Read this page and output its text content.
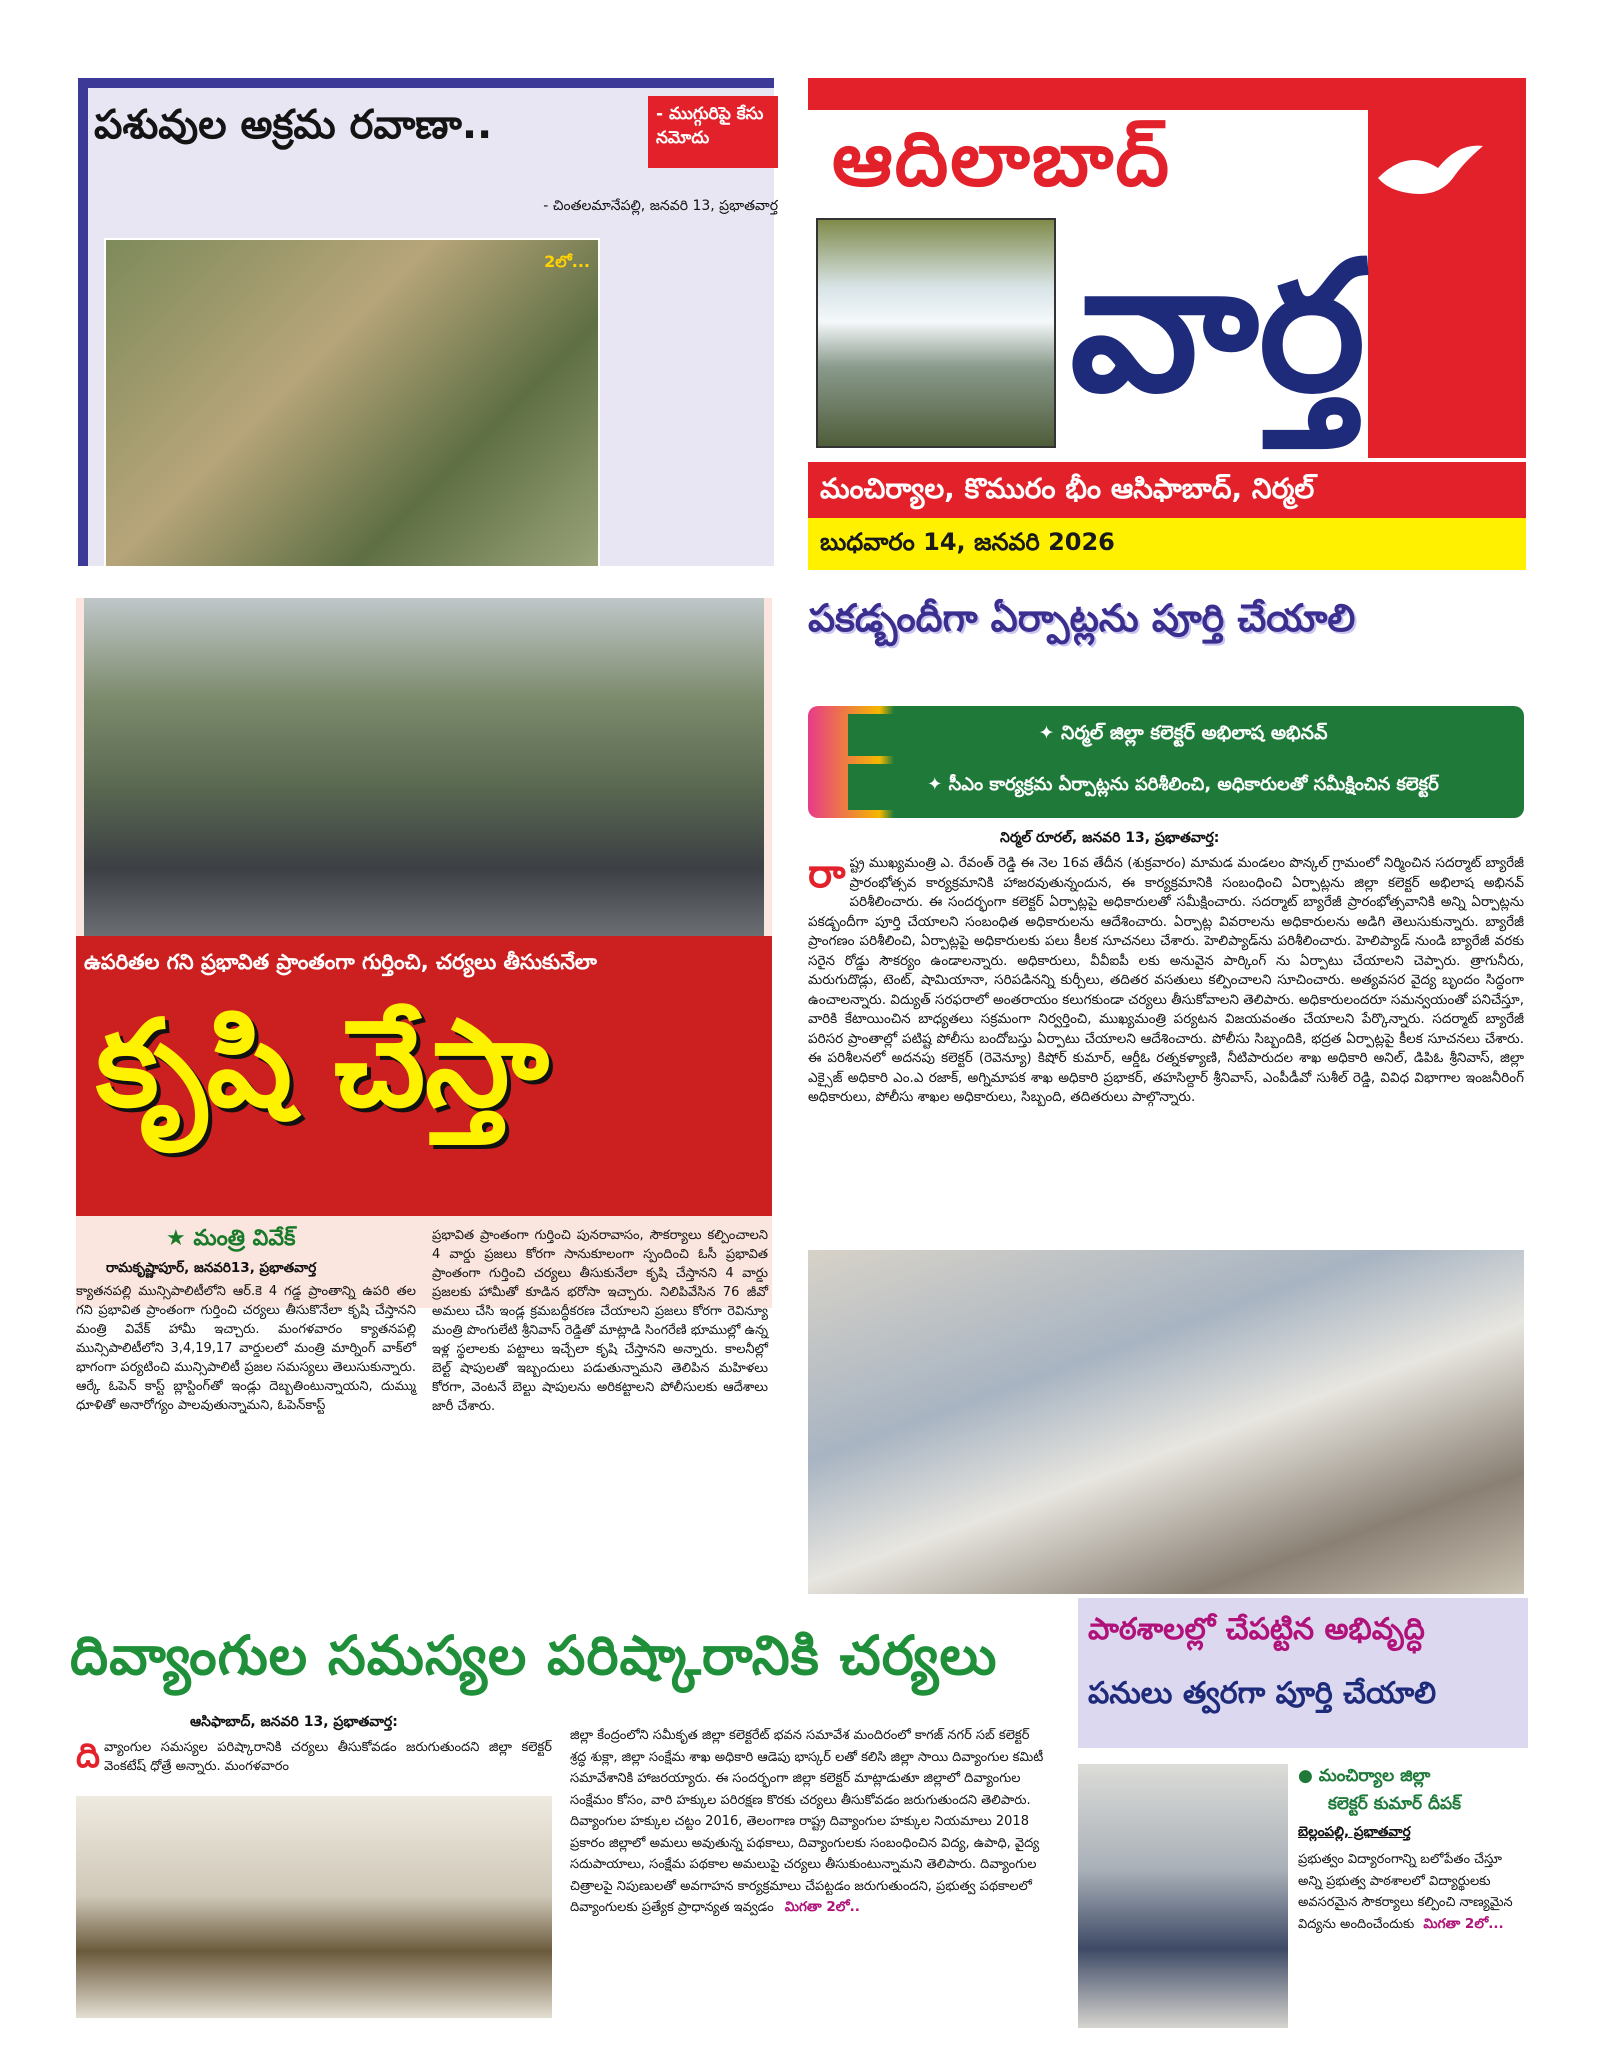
పశువుల అక్రమ రవాణా..	- ముగ్గురిపై కేసు నమోదు
- చింతలమానేపల్లి, జనవరి 13, ప్రభాతవార్త
2లో...
ఆదిలాబాద్
వార్త
మంచిర్యాల, కొమురం భీం ఆసిఫాబాద్, నిర్మల్
బుధవారం 14, జనవరి 2026
ఉపరితల గని ప్రభావిత ప్రాంతంగా గుర్తించి, చర్యలు తీసుకునేలా
కృషి చేస్తా
★ మంత్రి వివేక్
రామకృష్ణాపూర్, జనవరి13, ప్రభాతవార్త
క్యాతనపల్లి మున్సిపాలిటీలోని ఆర్.కె 4 గడ్డ ప్రాంతాన్ని ఉపరి తల గని ప్రభావిత ప్రాంతంగా గుర్తించి చర్యలు తీసుకొనేలా కృషి చేస్తానని మంత్రి వివేక్ హామీ ఇచ్చారు. మంగళవారం క్యాతనపల్లి మున్సిపాలిటీలోని 3,4,19,17 వార్డులలో మంత్రి మార్నింగ్ వాక్‌లో భాగంగా పర్యటించి మున్సిపాలిటీ ప్రజల సమస్యలు తెలుసుకున్నారు. ఆర్కే ఓపెన్ కాస్ట్ బ్లాస్టింగ్‌తో ఇండ్లు దెబ్బతింటున్నాయని, దుమ్ము ధూళితో అనారోగ్యం పాలవుతున్నామని, ఓపెన్‌కాస్ట్
ప్రభావిత ప్రాంతంగా గుర్తించి పునరావాసం, సౌకర్యాలు కల్పించాలని 4 వార్డు ప్రజలు కోరగా సానుకూలంగా స్పందించి ఓసీ ప్రభావిత ప్రాంతంగా గుర్తించి చర్యలు తీసుకునేలా కృషి చేస్తానని 4 వార్డు ప్రజలకు హామీతో కూడిన భరోసా ఇచ్చారు. నిలిపివేసిన 76 జీవో అమలు చేసి ఇండ్ల క్రమబద్ధీకరణ చేయాలని ప్రజలు కోరగా రెవిన్యూ మంత్రి పొంగులేటి శ్రీనివాస్ రెడ్డితో మాట్లాడి సింగరేణి భూముల్లో ఉన్న ఇళ్ల స్థలాలకు పట్టాలు ఇచ్చేలా కృషి చేస్తానని అన్నారు. కాలనీల్లో బెల్ట్ షాపులతో ఇబ్బందులు పడుతున్నామని తెలిపిన మహిళలు కోరగా, వెంటనే బెల్టు షాపులను అరికట్టాలని పోలీసులకు ఆదేశాలు జారీ చేశారు.
పకడ్బందీగా ఏర్పాట్లను పూర్తి చేయాలి
✦ నిర్మల్ జిల్లా కలెక్టర్ అభిలాష అభినవ్
✦ సీఎం కార్యక్రమ ఏర్పాట్లను పరిశీలించి, అధికారులతో సమీక్షించిన కలెక్టర్
నిర్మల్ రూరల్, జనవరి 13, ప్రభాతవార్త:
రా ష్ట్ర ముఖ్యమంత్రి ఎ. రేవంత్ రెడ్డి ఈ నెల 16వ తేదీన (శుక్రవారం) మామడ మండలం పొన్కల్ గ్రామంలో నిర్మించిన సదర్మాట్ బ్యారేజీ ప్రారంభోత్సవ కార్యక్రమానికి హాజరవుతున్నందున, ఈ కార్యక్రమానికి సంబంధించి ఏర్పాట్లను జిల్లా కలెక్టర్ అభిలాష అభినవ్ పరిశీలించారు. ఈ సందర్భంగా కలెక్టర్ ఏర్పాట్లపై అధికారులతో సమీక్షించారు. సదర్మాట్ బ్యారేజీ ప్రారంభోత్సవానికి అన్ని ఏర్పాట్లను పకడ్బందీగా పూర్తి చేయాలని సంబంధిత అధికారులను ఆదేశించారు. ఏర్పాట్ల వివరాలను అధికారులను అడిగి తెలుసుకున్నారు. బ్యారేజీ ప్రాంగణం పరిశీలించి, ఏర్పాట్లపై అధికారులకు పలు కీలక సూచనలు చేశారు. హెలిప్యాడ్‌ను పరిశీలించారు. హెలిప్యాడ్ నుండి బ్యారేజీ వరకు సరైన రోడ్డు సౌకర్యం ఉండాలన్నారు. అధికారులు, వీవీఐపీ లకు అనువైన పార్కింగ్ ను ఏర్పాటు చేయాలని చెప్పారు. త్రాగునీరు, మరుగుదొడ్లు, టెంట్, షామియానా, సరిపడినన్ని కుర్చీలు, తదితర వసతులు కల్పించాలని సూచించారు. అత్యవసర వైద్య బృందం సిద్ధంగా ఉంచాలన్నారు. విద్యుత్ సరఫరాలో అంతరాయం కలుగకుండా చర్యలు తీసుకోవాలని తెలిపారు. అధికారులందరూ సమన్వయంతో పనిచేస్తూ, వారికి కేటాయించిన బాధ్యతలు సక్రమంగా నిర్వర్తించి, ముఖ్యమంత్రి పర్యటన విజయవంతం చేయాలని పేర్కొన్నారు. సదర్మాట్ బ్యారేజీ పరిసర ప్రాంతాల్లో పటిష్ట పోలీసు బందోబస్తు ఏర్పాటు చేయాలని ఆదేశించారు. పోలీసు సిబ్బందికి, భద్రత ఏర్పాట్లపై కీలక సూచనలు చేశారు. ఈ పరిశీలనలో అదనపు కలెక్టర్ (రెవెన్యూ) కిషోర్ కుమార్, ఆర్డీఓ రత్నకళ్యాణి, నీటిపారుదల శాఖ అధికారి అనిల్, డిపిఓ శ్రీనివాస్, జిల్లా ఎక్సైజ్ అధికారి ఎం.ఎ రజాక్, అగ్నిమాపక శాఖ అధికారి ప్రభాకర్, తహసిల్దార్ శ్రీనివాస్, ఎంపీడీవో సుశీల్ రెడ్డి, వివిధ విభాగాల ఇంజనీరింగ్ అధికారులు, పోలీసు శాఖల అధికారులు, సిబ్బంది, తదితరులు పాల్గొన్నారు.

దివ్యాంగుల సమస్యల పరిష్కారానికి చర్యలు
ఆసిఫాబాద్, జనవరి 13, ప్రభాతవార్త:
ది వ్యాంగుల సమస్యల పరిష్కారానికి చర్యలు తీసుకోవడం జరుగుతుందని జిల్లా కలెక్టర్ వెంకటేష్ ధోత్రే అన్నారు. మంగళవారం

జిల్లా కేంద్రంలోని సమీకృత జిల్లా కలెక్టరేట్ భవన సమావేశ మందిరంలో కాగజ్ నగర్ సబ్ కలెక్టర్ శ్రద్ధ శుక్లా, జిల్లా సంక్షేమ శాఖ అధికారి ఆడెపు భాస్కర్ లతో కలిసి జిల్లా సాయి దివ్యాంగుల కమిటీ సమావేశానికి హాజరయ్యారు. ఈ సందర్భంగా జిల్లా కలెక్టర్ మాట్లాడుతూ జిల్లాలో దివ్యాంగుల సంక్షేమం కోసం, వారి హక్కుల పరిరక్షణ కొరకు చర్యలు తీసుకోవడం జరుగుతుందని తెలిపారు. దివ్యాంగుల హక్కుల చట్టం 2016, తెలంగాణ రాష్ట్ర దివ్యాంగుల హక్కుల నియమాలు 2018 ప్రకారం జిల్లాలో అమలు అవుతున్న పథకాలు, దివ్యాంగులకు సంబంధించిన విద్య, ఉపాధి, వైద్య సదుపాయాలు, సంక్షేమ పథకాల అమలుపై చర్యలు తీసుకుంటున్నామని తెలిపారు. దివ్యాంగుల చిత్రాలపై నిపుణులతో అవగాహన కార్యక్రమాలు చేపట్టడం జరుగుతుందని, ప్రభుత్వ పథకాలలో దివ్యాంగులకు ప్రత్యేక ప్రాధాన్యత ఇవ్వడం మిగతా 2లో..
పాఠశాలల్లో చేపట్టిన అభివృద్ధి
పనులు త్వరగా పూర్తి చేయాలి
● మంచిర్యాల జిల్లా
కలెక్టర్ కుమార్ దీపక్
బెల్లంపల్లి, ప్రభాతవార్త
ప్రభుత్వం విద్యారంగాన్ని బలోపేతం చేస్తూ అన్ని ప్రభుత్వ పాఠశాలలో విద్యార్థులకు అవసరమైన సౌకర్యాలు కల్పించి నాణ్యమైన విద్యను అందించేందుకు మిగతా 2లో...
